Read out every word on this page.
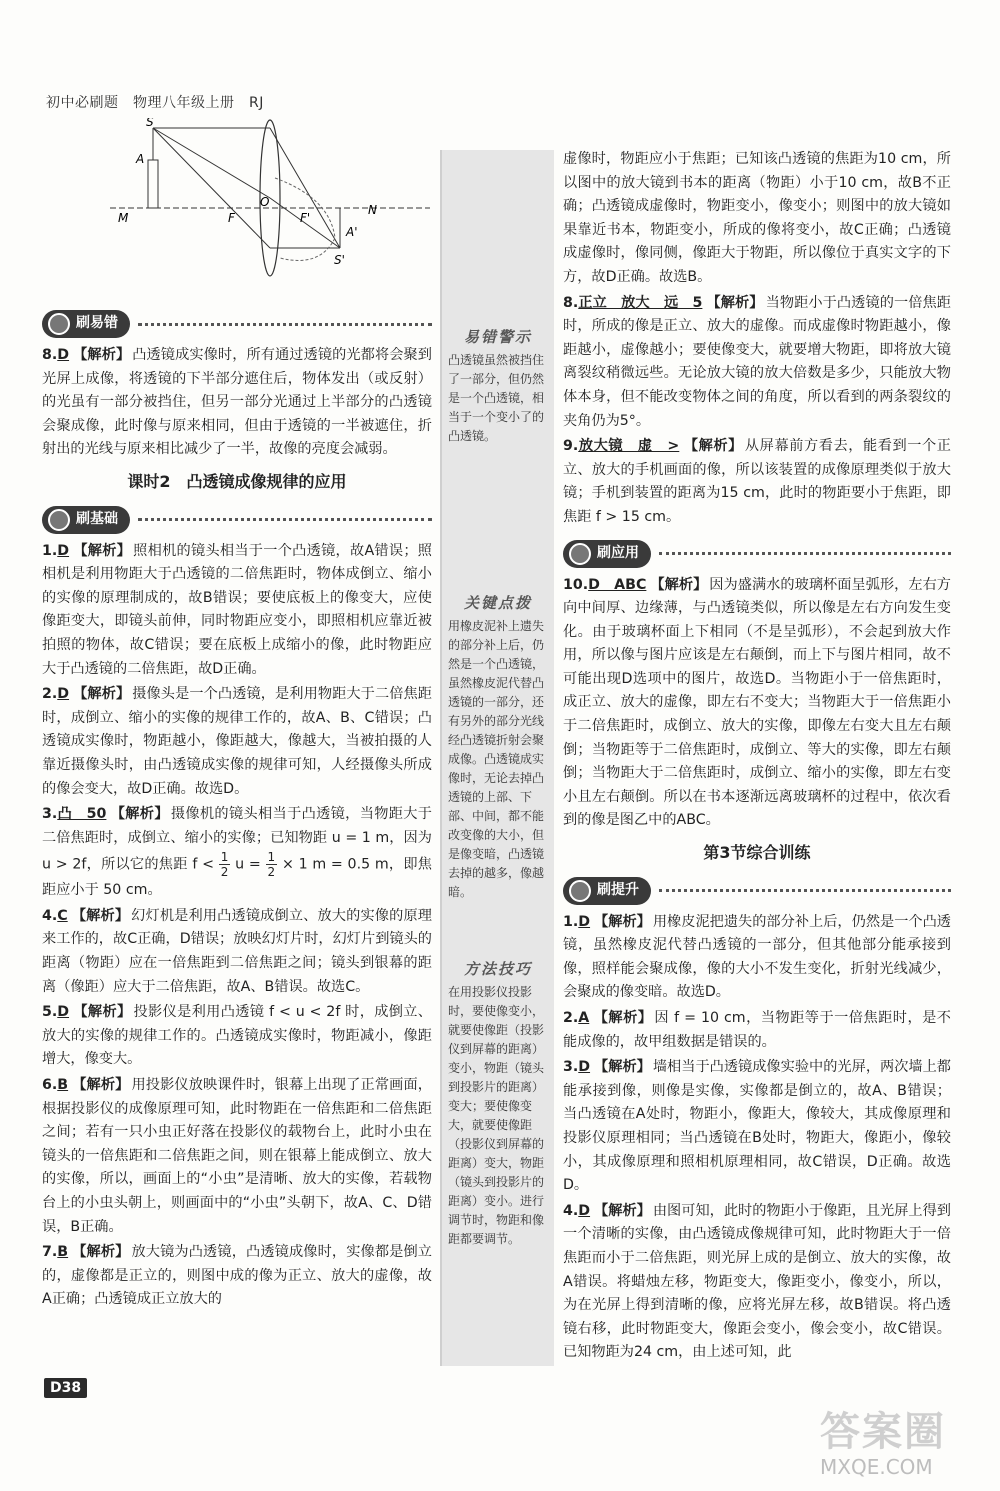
初中必刷题　物理八年级上册　RJ
S
A
M	F
O
F'
N
A'
S'
刷易错
8.D 【解析】 凸透镜成实像时，所有通过透镜的光都将会聚到光屏上成像，将透镜的下半部分遮住后，物体发出（或反射）的光虽有一部分被挡住，但另一部分光通过上半部分的凸透镜会聚成像，此时像与原来相同，但由于透镜的一半被遮住，折射出的光线与原来相比减少了一半，故像的亮度会减弱。
课时2　凸透镜成像规律的应用
刷基础
1.D 【解析】 照相机的镜头相当于一个凸透镜，故A错误；照相机是利用物距大于凸透镜的二倍焦距时，物体成倒立、缩小的实像的原理制成的，故B错误；要使底板上的像变大，应使像距变大，即镜头前伸，同时物距应变小，即照相机应靠近被拍照的物体，故C错误；要在底板上成缩小的像，此时物距应大于凸透镜的二倍焦距，故D正确。
2.D 【解析】 摄像头是一个凸透镜，是利用物距大于二倍焦距时，成倒立、缩小的实像的规律工作的，故A、B、C错误；凸透镜成实像时，物距越小，像距越大，像越大，当被拍摄的人靠近摄像头时，由凸透镜成实像的规律可知，人经摄像头所成的像会变大，故D正确。故选D。
3.凸　50 【解析】 摄像机的镜头相当于凸透镜，当物距大于二倍焦距时，成倒立、缩小的实像；已知物距 u = 1 m，因为 u > 2f，所以它的焦距 $f < \frac{1}{2}$ $u = \frac{1}{2} \times 1$ m = 0.5 m，即焦距应小于 50 cm。
4.C 【解析】 幻灯机是利用凸透镜成倒立、放大的实像的原理来工作的，故C正确，D错误；放映幻灯片时，幻灯片到镜头的距离（物距）应在一倍焦距到二倍焦距之间；镜头到银幕的距离（像距）应大于二倍焦距，故A、B错误。故选C。
5.D 【解析】 投影仪是利用凸透镜 f < u < 2f 时，成倒立、放大的实像的规律工作的。凸透镜成实像时，物距减小，像距增大，像变大。
6.B 【解析】 用投影仪放映课件时，银幕上出现了正常画面，根据投影仪的成像原理可知，此时物距在一倍焦距和二倍焦距之间；若有一只小虫正好落在投影仪的载物台上，此时小虫在镜头的一倍焦距和二倍焦距之间，则在银幕上能成倒立、放大的实像，所以，画面上的“小虫”是清晰、放大的实像，若载物台上的小虫头朝上，则画面中的“小虫”头朝下，故A、C、D错误，B正确。
7.B 【解析】 放大镜为凸透镜，凸透镜成像时，实像都是倒立的，虚像都是正立的，则图中成的像为正立、放大的虚像，故A正确；凸透镜成正立放大的
易错警示
凸透镜虽然被挡住了一部分，但仍然是一个凸透镜，相当于一个变小了的凸透镜。
关键点拨
用橡皮泥补上遗失的部分补上后，仍然是一个凸透镜，虽然橡皮泥代替凸透镜的一部分，还有另外的部分光线经凸透镜折射会聚成像。凸透镜成实像时，无论去掉凸透镜的上部、下部、中间，都不能改变像的大小，但是像变暗，凸透镜去掉的越多，像越暗。
方法技巧
在用投影仪投影时，要使像变小，就要使像距（投影仪到屏幕的距离）变小，物距（镜头到投影片的距离）变大；要使像变大，就要使像距（投影仪到屏幕的距离）变大，物距（镜头到投影片的距离）变小。进行调节时，物距和像距都要调节。
虚像时，物距应小于焦距；已知该凸透镜的焦距为10 cm，所以图中的放大镜到书本的距离（物距）小于10 cm，故B不正确；凸透镜成虚像时，物距变小，像变小；则图中的放大镜如果靠近书本，物距变小，所成的像将变小，故C正确；凸透镜成虚像时，像同侧，像距大于物距，所以像位于真实文字的下方，故D正确。故选B。
8.正立　放大　远　5 【解析】 当物距小于凸透镜的一倍焦距时，所成的像是正立、放大的虚像。而成虚像时物距越小，像距越小，虚像越小；要使像变大，就要增大物距，即将放大镜离裂纹稍微远些。无论放大镜的放大倍数是多少，只能放大物体本身，但不能改变物体之间的角度，所以看到的两条裂纹的夹角仍为5°。
9.放大镜　虚　> 【解析】 从屏幕前方看去，能看到一个正立、放大的手机画面的像，所以该装置的成像原理类似于放大镜；手机到装置的距离为15 cm，此时的物距要小于焦距，即焦距 f > 15 cm。
刷应用
10.D　ABC 【解析】 因为盛满水的玻璃杯面呈弧形，左右方向中间厚、边缘薄，与凸透镜类似，所以像是左右方向发生变化。由于玻璃杯面上下相同（不是呈弧形），不会起到放大作用，所以像与图片应该是左右颠倒，而上下与图片相同，故不可能出现D选项中的图片，故选D。当物距小于一倍焦距时，成正立、放大的虚像，即左右不变大；当物距大于一倍焦距小于二倍焦距时，成倒立、放大的实像，即像左右变大且左右颠倒；当物距等于二倍焦距时，成倒立、等大的实像，即左右颠倒；当物距大于二倍焦距时，成倒立、缩小的实像，即左右变小且左右颠倒。所以在书本逐渐远离玻璃杯的过程中，依次看到的像是图乙中的ABC。
第3节综合训练
刷提升
1.D 【解析】 用橡皮泥把遗失的部分补上后，仍然是一个凸透镜，虽然橡皮泥代替凸透镜的一部分，但其他部分能承接到像，照样能会聚成像，像的大小不发生变化，折射光线减少，会聚成的像变暗。故选D。
2.A 【解析】 因 f = 10 cm，当物距等于一倍焦距时，是不能成像的，故甲组数据是错误的。
3.D 【解析】 墙相当于凸透镜成像实验中的光屏，两次墙上都能承接到像，则像是实像，实像都是倒立的，故A、B错误；当凸透镜在A处时，物距小，像距大，像较大，其成像原理和投影仪原理相同；当凸透镜在B处时，物距大，像距小，像较小，其成像原理和照相机原理相同，故C错误，D正确。故选D。
4.D 【解析】 由图可知，此时的物距小于像距，且光屏上得到一个清晰的实像，由凸透镜成像规律可知，此时物距大于一倍焦距而小于二倍焦距，则光屏上成的是倒立、放大的实像，故A错误。将蜡烛左移，物距变大，像距变小，像变小，所以，为在光屏上得到清晰的像，应将光屏左移，故B错误。将凸透镜右移，此时物距变大，像距会变小，像会变小，故C错误。已知物距为24 cm，由上述可知，此
D38
答案圈
MXQE.COM
